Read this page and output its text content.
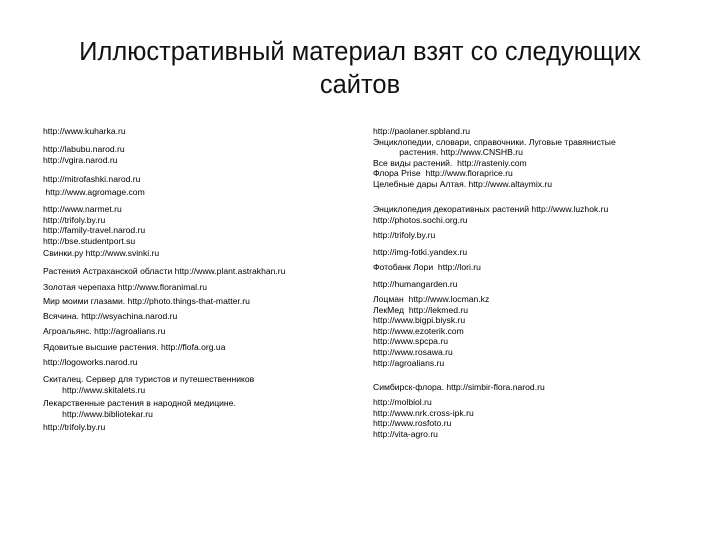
Иллюстративный материал взят со следующих
сайтов
http://www.kuharka.ru
http://labubu.narod.ru
http://vgira.narod.ru
http://mitrofashki.narod.ru
http://www.agromage.com
http://www.narmet.ru
http://trifoly.by.ru
http://family-travel.narod.ru
http://bse.studentport.su
Свинки.ру http://www.svinki.ru
Растения Астраханской области http://www.plant.astrakhan.ru
Золотая черепаха http://www.floranimal.ru
Мир моими глазами. http://photo.things-that-matter.ru
Всячина. http://wsyachina.narod.ru
Агроальянс. http://agroalians.ru
Ядовитые высшие растения. http://flofa.org.ua
http://logoworks.narod.ru
Скиталец. Сервер для туристов и путешественников
http://www.skitalets.ru
Лекарственные растения в народной медицине.
http://www.bibliotekar.ru
http://trifoly.by.ru
http://paolaner.spbland.ru
Энциклопедии, словари, справочники. Луговые травянистые
растения. http://www.CNSHB.ru
Все виды растений.  http://rasteniy.com
Флора Prise  http://www.floraprice.ru
Целебные дары Алтая. http://www.altaymix.ru
Энциклопедия декоративных растений http://www.luzhok.ru
http://photos.sochi.org.ru
http://trifoly.by.ru
http://img-fotki.yandex.ru
Фотобанк Лори  http://lori.ru
http://humangarden.ru
Лоцман  http://www.locman.kz
ЛекМед  http://lekmed.ru
http://www.bigpi.biysk.ru
http://www.ezoterik.com
http://www.spcpa.ru
http://www.rosawa.ru
http://agroalians.ru
Симбирск-флора. http://simbir-flora.narod.ru
http://molbiol.ru
http://www.nrk.cross-ipk.ru
http://www.rosfoto.ru
http://vita-agro.ru
